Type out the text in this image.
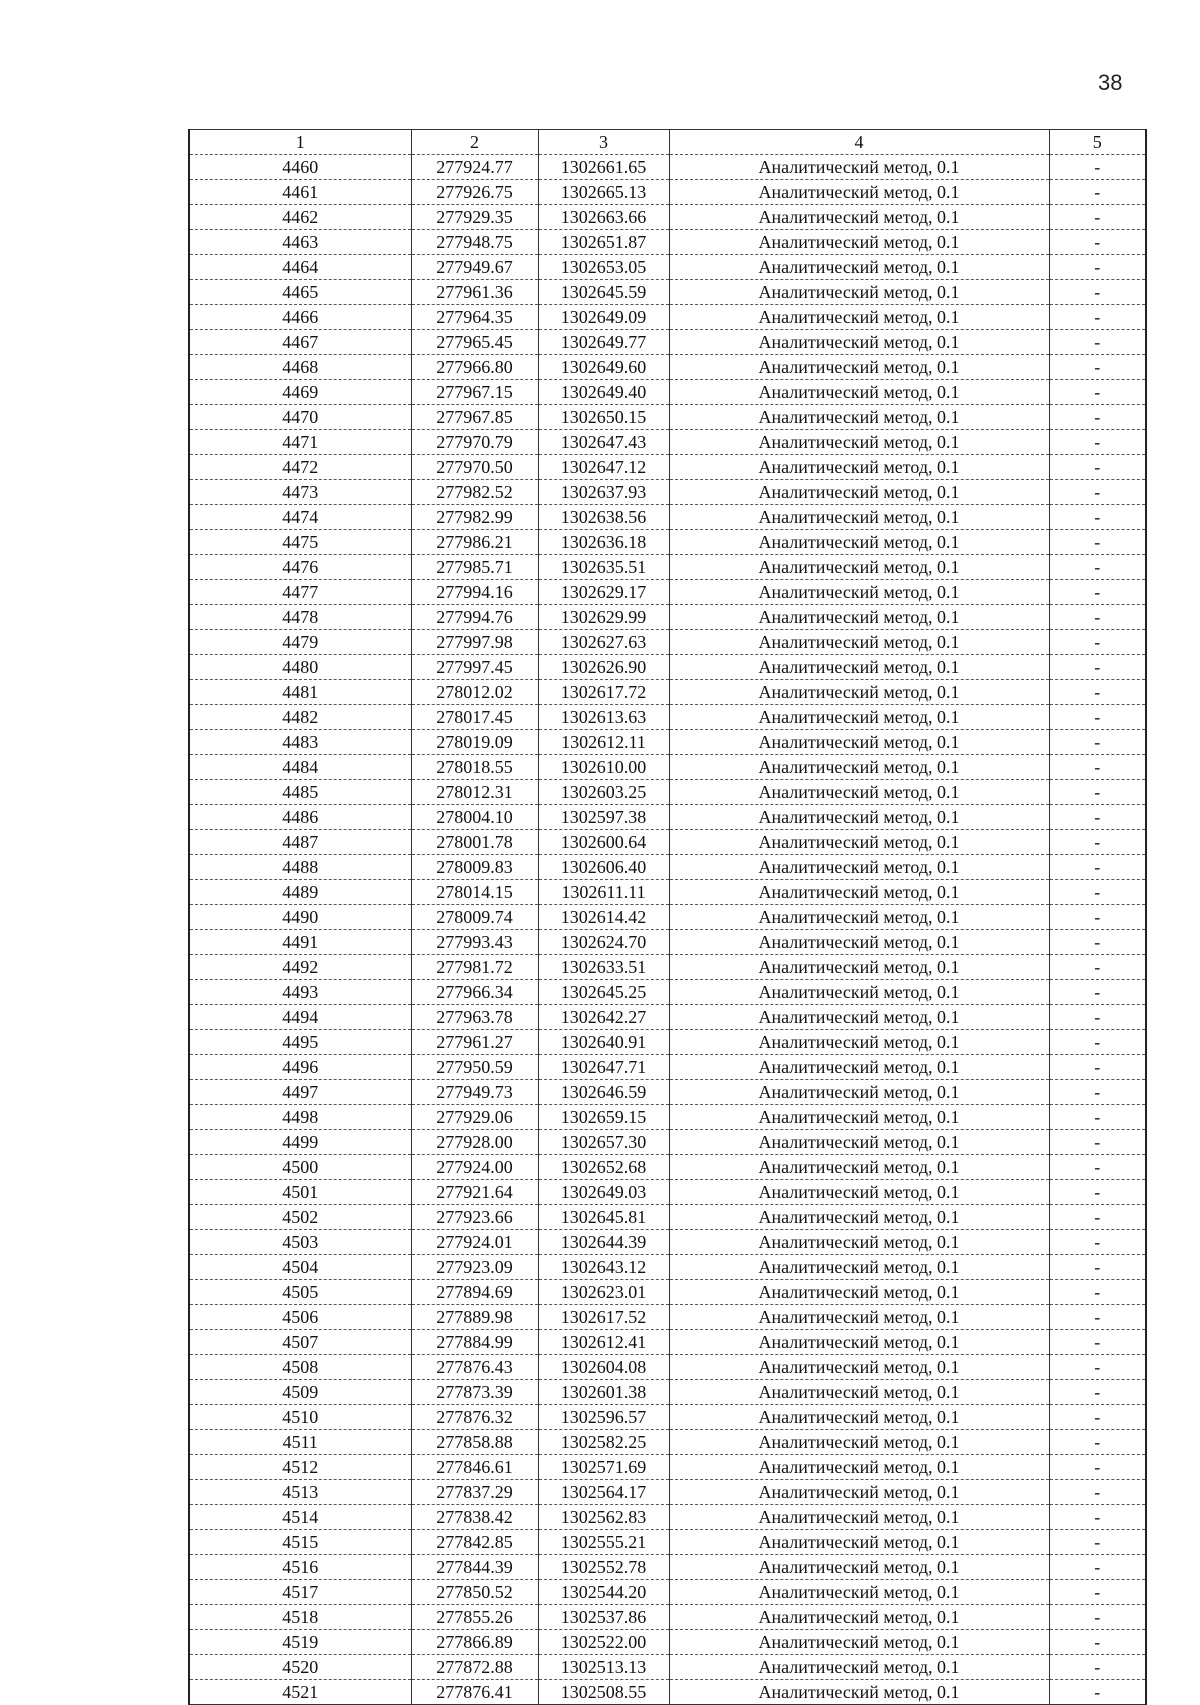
38
1	2	3	4	5
4460	277924.77	1302661.65	Аналитический метод, 0.1	-
4461	277926.75	1302665.13	Аналитический метод, 0.1	-
4462	277929.35	1302663.66	Аналитический метод, 0.1	-
4463	277948.75	1302651.87	Аналитический метод, 0.1	-
4464	277949.67	1302653.05	Аналитический метод, 0.1	-
4465	277961.36	1302645.59	Аналитический метод, 0.1	-
4466	277964.35	1302649.09	Аналитический метод, 0.1	-
4467	277965.45	1302649.77	Аналитический метод, 0.1	-
4468	277966.80	1302649.60	Аналитический метод, 0.1	-
4469	277967.15	1302649.40	Аналитический метод, 0.1	-
4470	277967.85	1302650.15	Аналитический метод, 0.1	-
4471	277970.79	1302647.43	Аналитический метод, 0.1	-
4472	277970.50	1302647.12	Аналитический метод, 0.1	-
4473	277982.52	1302637.93	Аналитический метод, 0.1	-
4474	277982.99	1302638.56	Аналитический метод, 0.1	-
4475	277986.21	1302636.18	Аналитический метод, 0.1	-
4476	277985.71	1302635.51	Аналитический метод, 0.1	-
4477	277994.16	1302629.17	Аналитический метод, 0.1	-
4478	277994.76	1302629.99	Аналитический метод, 0.1	-
4479	277997.98	1302627.63	Аналитический метод, 0.1	-
4480	277997.45	1302626.90	Аналитический метод, 0.1	-
4481	278012.02	1302617.72	Аналитический метод, 0.1	-
4482	278017.45	1302613.63	Аналитический метод, 0.1	-
4483	278019.09	1302612.11	Аналитический метод, 0.1	-
4484	278018.55	1302610.00	Аналитический метод, 0.1	-
4485	278012.31	1302603.25	Аналитический метод, 0.1	-
4486	278004.10	1302597.38	Аналитический метод, 0.1	-
4487	278001.78	1302600.64	Аналитический метод, 0.1	-
4488	278009.83	1302606.40	Аналитический метод, 0.1	-
4489	278014.15	1302611.11	Аналитический метод, 0.1	-
4490	278009.74	1302614.42	Аналитический метод, 0.1	-
4491	277993.43	1302624.70	Аналитический метод, 0.1	-
4492	277981.72	1302633.51	Аналитический метод, 0.1	-
4493	277966.34	1302645.25	Аналитический метод, 0.1	-
4494	277963.78	1302642.27	Аналитический метод, 0.1	-
4495	277961.27	1302640.91	Аналитический метод, 0.1	-
4496	277950.59	1302647.71	Аналитический метод, 0.1	-
4497	277949.73	1302646.59	Аналитический метод, 0.1	-
4498	277929.06	1302659.15	Аналитический метод, 0.1	-
4499	277928.00	1302657.30	Аналитический метод, 0.1	-
4500	277924.00	1302652.68	Аналитический метод, 0.1	-
4501	277921.64	1302649.03	Аналитический метод, 0.1	-
4502	277923.66	1302645.81	Аналитический метод, 0.1	-
4503	277924.01	1302644.39	Аналитический метод, 0.1	-
4504	277923.09	1302643.12	Аналитический метод, 0.1	-
4505	277894.69	1302623.01	Аналитический метод, 0.1	-
4506	277889.98	1302617.52	Аналитический метод, 0.1	-
4507	277884.99	1302612.41	Аналитический метод, 0.1	-
4508	277876.43	1302604.08	Аналитический метод, 0.1	-
4509	277873.39	1302601.38	Аналитический метод, 0.1	-
4510	277876.32	1302596.57	Аналитический метод, 0.1	-
4511	277858.88	1302582.25	Аналитический метод, 0.1	-
4512	277846.61	1302571.69	Аналитический метод, 0.1	-
4513	277837.29	1302564.17	Аналитический метод, 0.1	-
4514	277838.42	1302562.83	Аналитический метод, 0.1	-
4515	277842.85	1302555.21	Аналитический метод, 0.1	-
4516	277844.39	1302552.78	Аналитический метод, 0.1	-
4517	277850.52	1302544.20	Аналитический метод, 0.1	-
4518	277855.26	1302537.86	Аналитический метод, 0.1	-
4519	277866.89	1302522.00	Аналитический метод, 0.1	-
4520	277872.88	1302513.13	Аналитический метод, 0.1	-
4521	277876.41	1302508.55	Аналитический метод, 0.1	-
